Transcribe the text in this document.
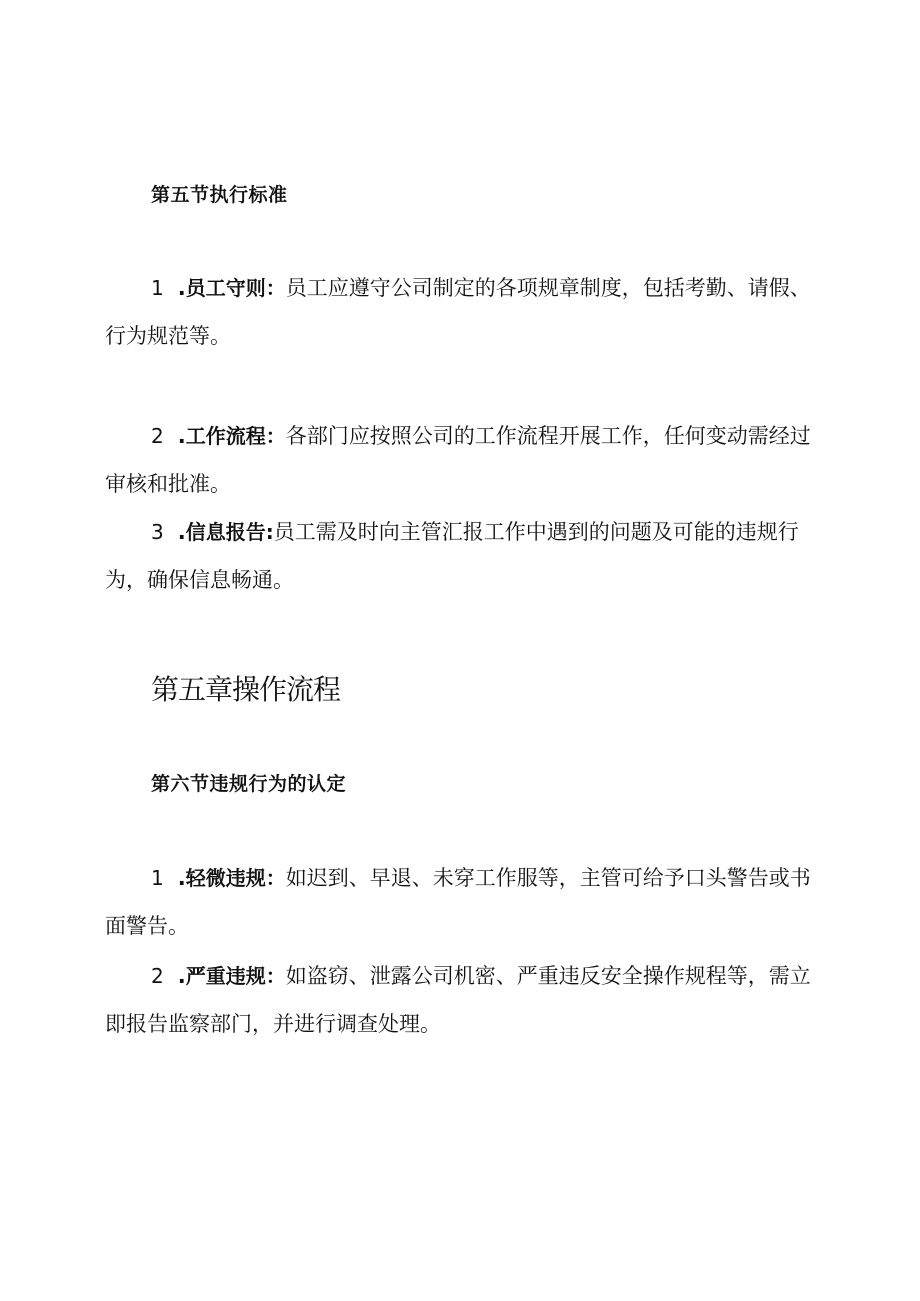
第五节执行标准
1  .员工守则：员工应遵守公司制定的各项规章制度，包括考勤、请假、行为规范等。
2  .工作流程：各部门应按照公司的工作流程开展工作，任何变动需经过审核和批准。
3  .信息报告:员工需及时向主管汇报工作中遇到的问题及可能的违规行为，确保信息畅通。
第五章操作流程
第六节违规行为的认定
1  .轻微违规：如迟到、早退、未穿工作服等，主管可给予口头警告或书面警告。
2  .严重违规：如盗窃、泄露公司机密、严重违反安全操作规程等，需立即报告监察部门，并进行调查处理。
